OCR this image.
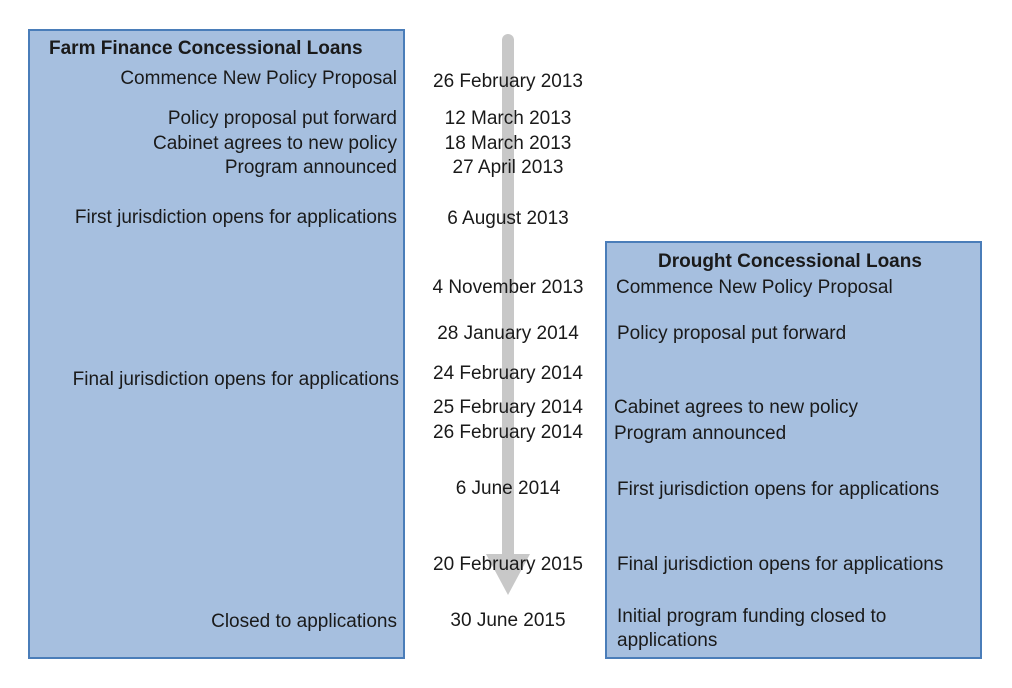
Farm Finance Concessional Loans
Drought Concessional Loans
Commence New Policy Proposal
Policy proposal put forward
Cabinet agrees to new policy
Program announced
First jurisdiction opens for applications
Final jurisdiction opens for applications
Closed to applications
26 February 2013
12 March 2013
18 March 2013
27 April 2013
6 August 2013
4 November 2013
28 January 2014
24 February 2014
25 February 2014
26 February 2014
6 June 2014
20 February 2015
30 June 2015
Commence New Policy Proposal
Policy proposal put forward
Cabinet agrees to new policy
Program announced
First jurisdiction opens for applications
Final jurisdiction opens for applications
Initial program funding closed to
applications
